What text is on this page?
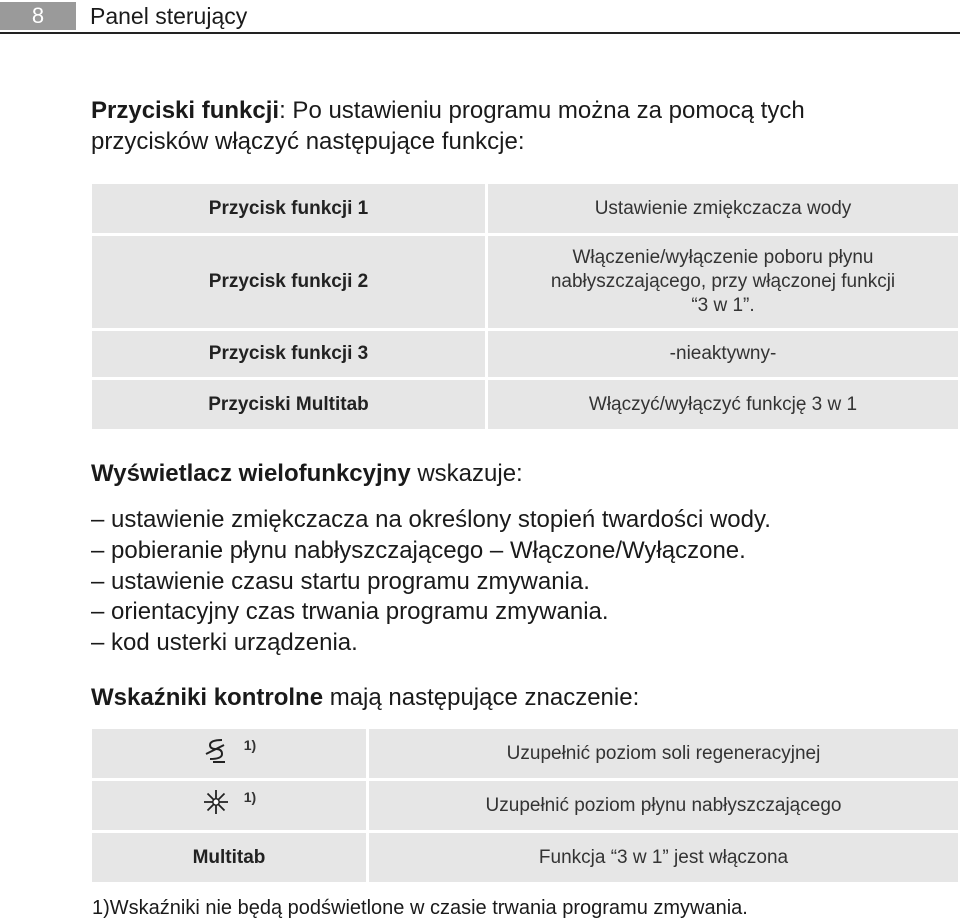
8	Panel sterujący
Przyciski funkcji: Po ustawieniu programu można za pomocą tych przycisków włączyć następujące funkcje:
Przycisk funkcji 1	Ustawienie zmiękczacza wody
Przycisk funkcji 2	Włączenie/wyłączenie poboru płynu nabłyszczającego, przy włączonej funkcji “3 w 1”.
Przycisk funkcji 3	-nieaktywny-
Przyciski Multitab	Włączyć/wyłączyć funkcję 3 w 1
Wyświetlacz wielofunkcyjny wskazuje:
– ustawienie zmiękczacza na określony stopień twardości wody.
– pobieranie płynu nabłyszczającego – Włączone/Wyłączone.
– ustawienie czasu startu programu zmywania.
– orientacyjny czas trwania programu zmywania.
– kod usterki urządzenia.
Wskaźniki kontrolne mają następujące znaczenie:
$^{1)}$	Uzupełnić poziom soli regeneracyjnej
$^{1)}$	Uzupełnić poziom płynu nabłyszczającego
Multitab	Funkcja “3 w 1” jest włączona
1)Wskaźniki nie będą podświetlone w czasie trwania programu zmywania.
